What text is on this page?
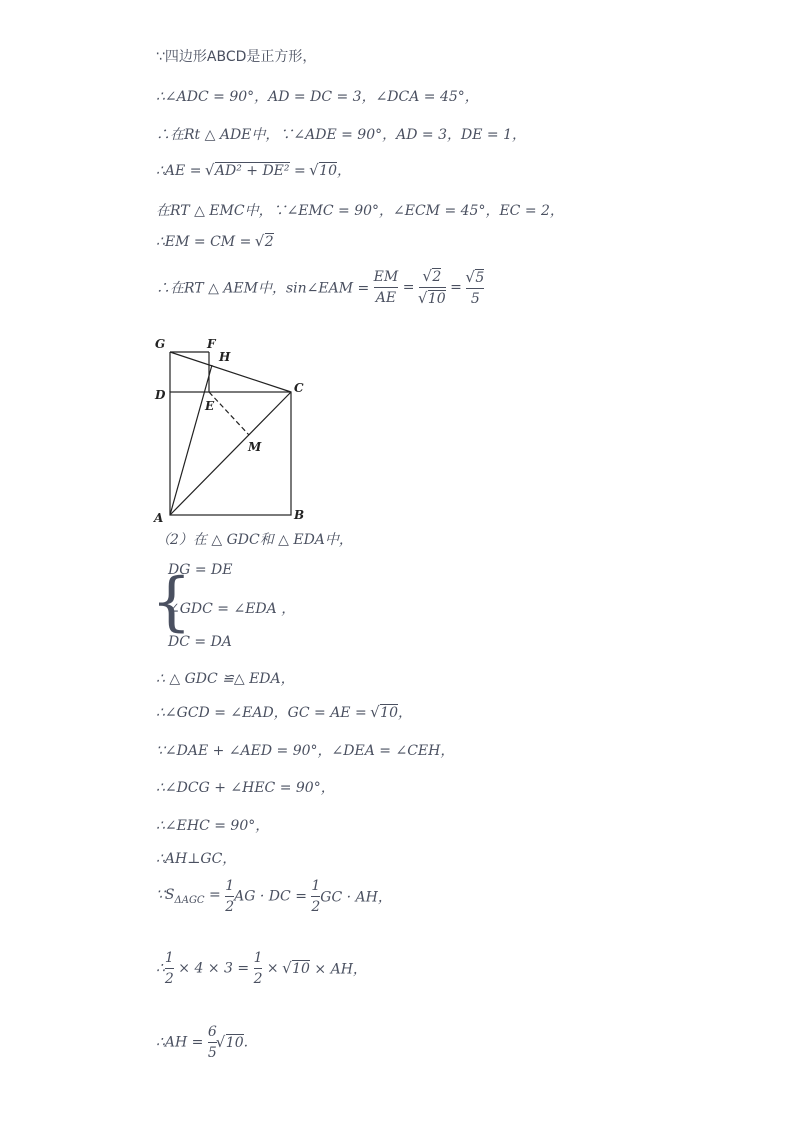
∵四边形ABCD是正方形，
∴∠ADC = 90°，AD = DC = 3，∠DCA = 45°，
∴在Rt △ ADE中，∵∠ADE = 90°，AD = 3，DE = 1，
∴AE = √ AD² + DE² = √ 10，
在RT △ EMC中，∵∠EMC = 90°，∠ECM = 45°，EC = 2，
∴EM = CM = √ 2
∴在RT △ AEM中，sin∠EAM = $\frac{EM}{AE}$ = √ 2
√ 10 = √ $\frac{5}{5}$
G	F
H
D
E
C
M
A	B
（2）在 △ GDC和 △ EDA中，
{
DG = DE
∠GDC = ∠EDA ，
DC = DA
∴ △ GDC ≌△ EDA，
∴∠GCD = ∠EAD，GC = AE = √ 10，
∵∠DAE + ∠AED = 90°，∠DEA = ∠CEH，
∴∠DCG + ∠HEC = 90°，
∴∠EHC = 90°，
∴AH⊥GC，
$\because S_{\Delta AGC} = \frac{1}{2}$ AG · DC = $\frac{1}{2}$ GC · AH，
∴ $\frac{1}{2} \times 4 \times 3 = \frac{1}{2}$ × √ 10 × AH，
∴AH = $\frac{6}{5}$ √ 10.
